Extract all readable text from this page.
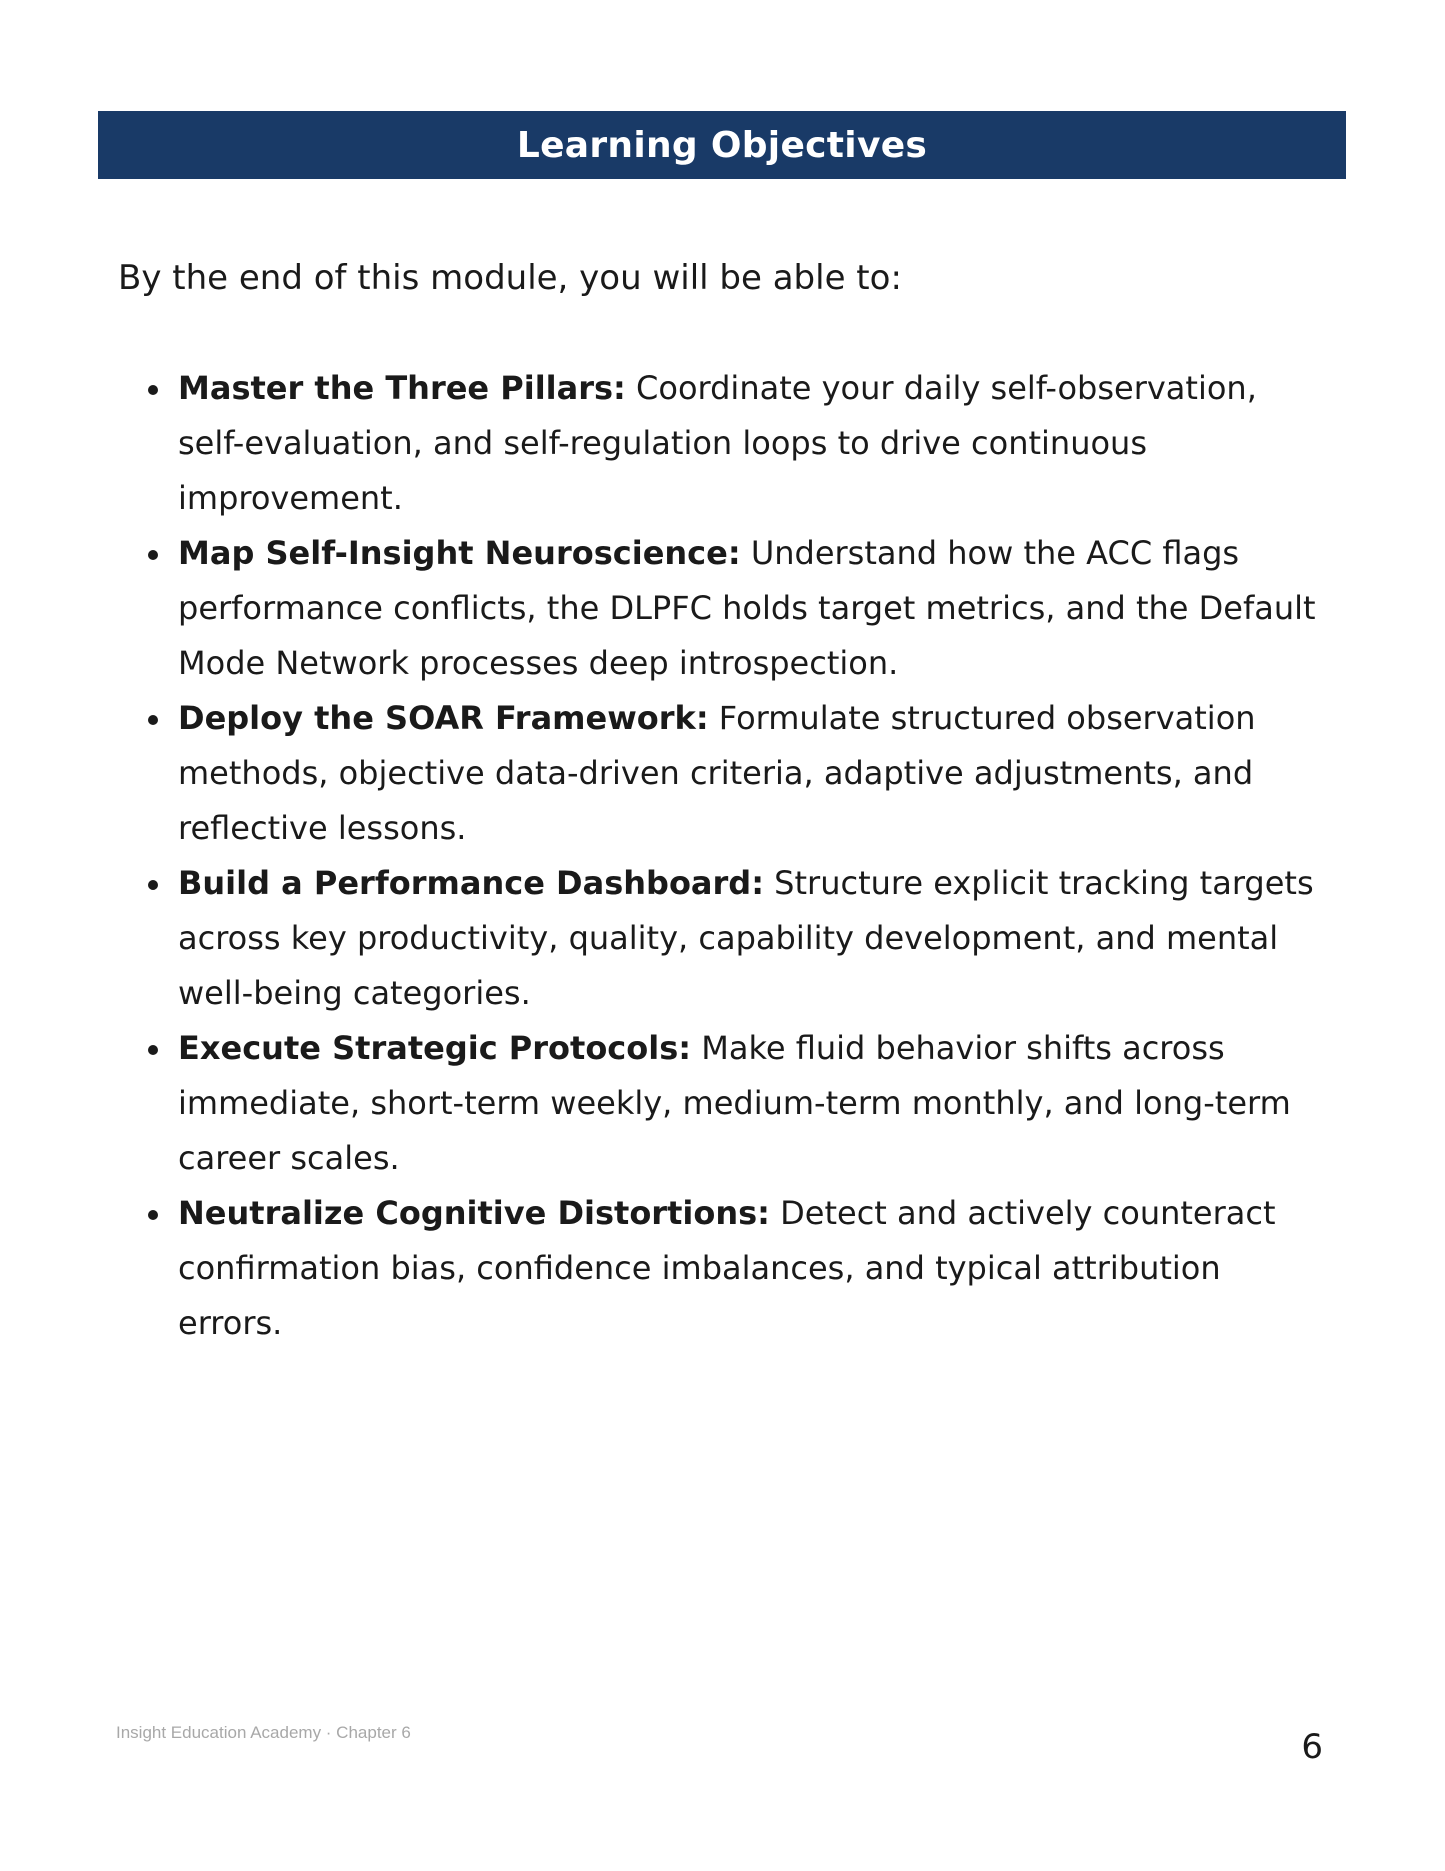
Learning Objectives

By the end of this module, you will be able to:

Master the Three Pillars: Coordinate your daily self-observation, self-evaluation, and self-regulation loops to drive continuous improvement.
Map Self-Insight Neuroscience: Understand how the ACC flags performance conflicts, the DLPFC holds target metrics, and the Default Mode Network processes deep introspection.
Deploy the SOAR Framework: Formulate structured observation methods, objective data-driven criteria, adaptive adjustments, and reflective lessons.
Build a Performance Dashboard: Structure explicit tracking targets across key productivity, quality, capability development, and mental well-being categories.
Execute Strategic Protocols: Make fluid behavior shifts across immediate, short-term weekly, medium-term monthly, and long-term career scales.
Neutralize Cognitive Distortions: Detect and actively counteract confirmation bias, confidence imbalances, and typical attribution errors.
Insight Education Academy · Chapter 6	6
